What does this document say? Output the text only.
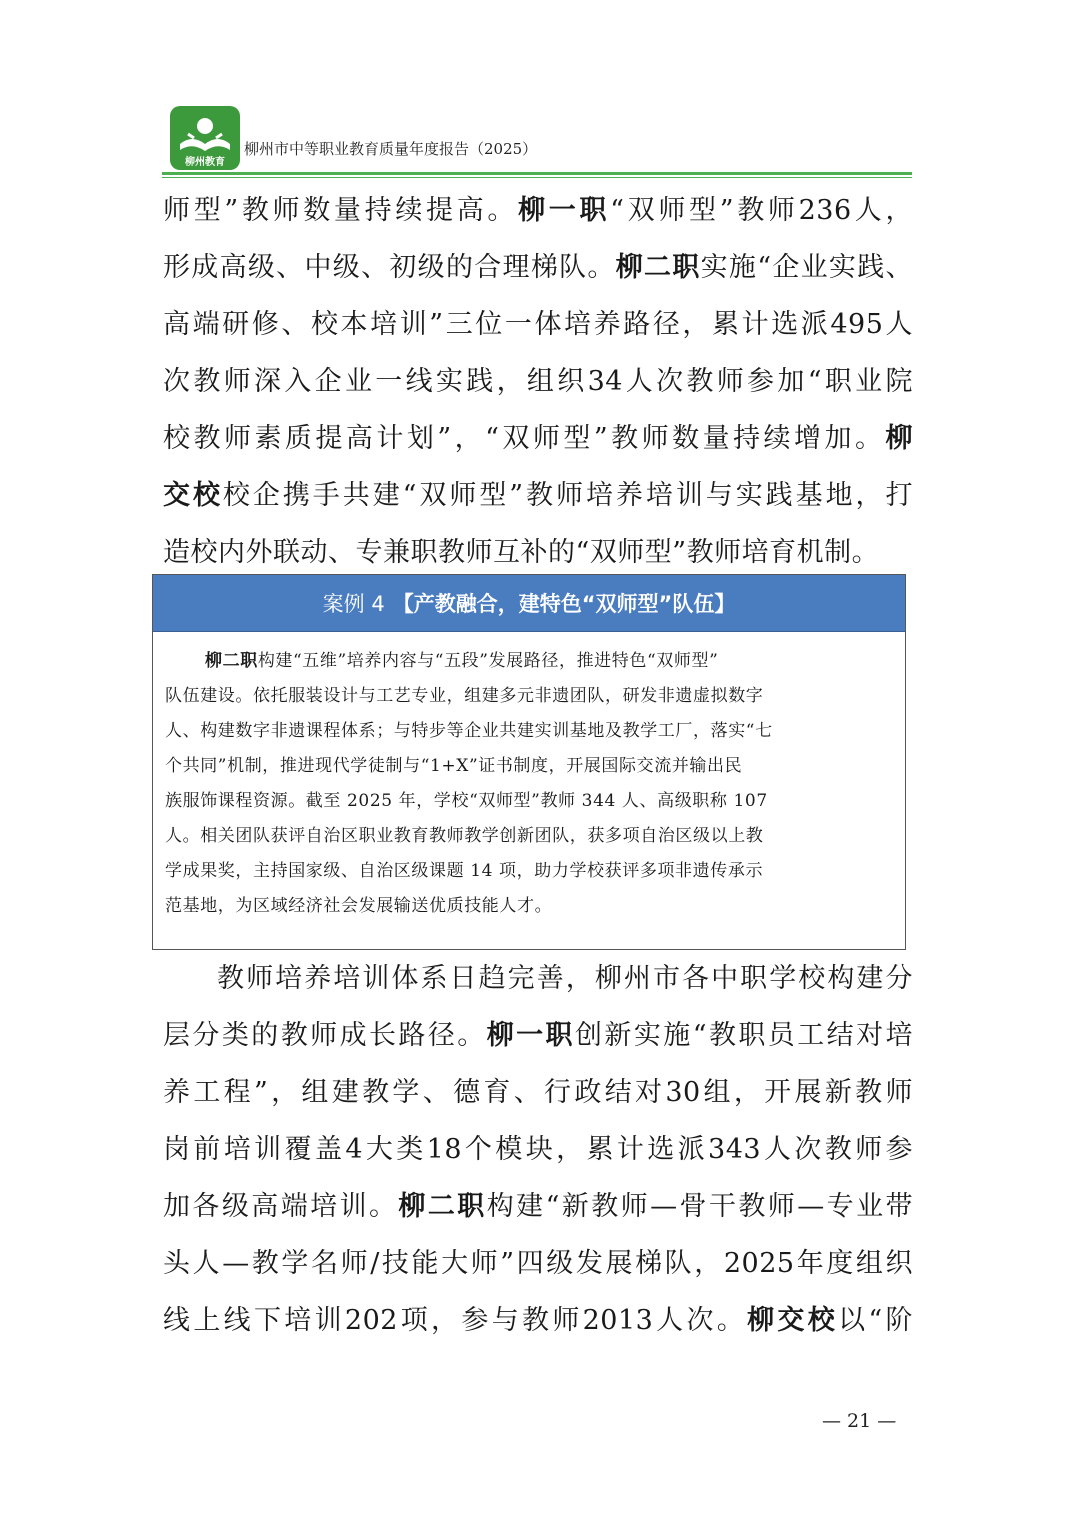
柳州教育
柳州市中等职业教育质量年度报告（2025）
师型”教师数量持续提高。柳一职“双师型”教师236人，
形成高级、中级、初级的合理梯队。柳二职实施“企业实践、
高端研修、校本培训”三位一体培养路径，累计选派495人
次教师深入企业一线实践，组织34人次教师参加“职业院
校教师素质提高计划”，“双师型”教师数量持续增加。柳
交校校企携手共建“双师型”教师培养培训与实践基地，打
造校内外联动、专兼职教师互补的“双师型”教师培育机制。
案例 4 【产教融合，建特色“双师型”队伍】
柳二职构建“五维”培养内容与“五段”发展路径，推进特色“双师型”
队伍建设。依托服装设计与工艺专业，组建多元非遗团队，研发非遗虚拟数字
人、构建数字非遗课程体系；与特步等企业共建实训基地及教学工厂，落实“七
个共同”机制，推进现代学徒制与“1+X”证书制度，开展国际交流并输出民
族服饰课程资源。截至 2025 年，学校“双师型”教师 344 人、高级职称 107
人。相关团队获评自治区职业教育教师教学创新团队，获多项自治区级以上教
学成果奖，主持国家级、自治区级课题 14 项，助力学校获评多项非遗传承示
范基地，为区域经济社会发展输送优质技能人才。
教师培养培训体系日趋完善，柳州市各中职学校构建分
层分类的教师成长路径。柳一职创新实施“教职员工结对培
养工程”，组建教学、德育、行政结对30组，开展新教师
岗前培训覆盖4大类18个模块，累计选派343人次教师参
加各级高端培训。柳二职构建“新教师—骨干教师—专业带
头人—教学名师/技能大师”四级发展梯队，2025年度组织
线上线下培训202项，参与教师2013人次。柳交校以“阶
— 21 —
